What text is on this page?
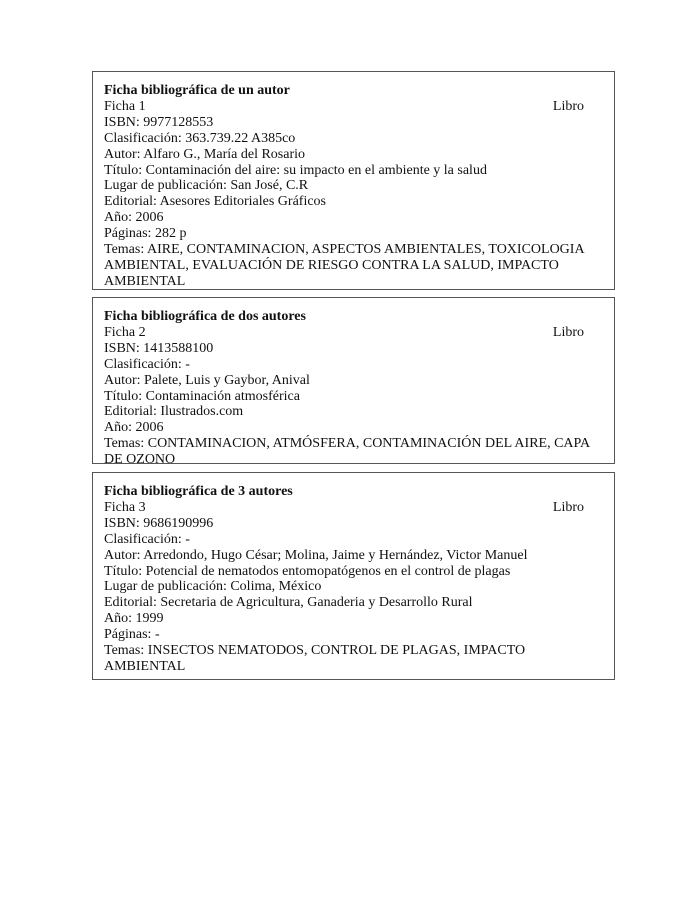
Ficha bibliográfica de un autor
Ficha 1	Libro
ISBN: 9977128553
Clasificación: 363.739.22 A385co
Autor: Alfaro G., María del Rosario
Título: Contaminación del aire: su impacto en el ambiente y la salud
Lugar de publicación: San José, C.R
Editorial: Asesores Editoriales Gráficos
Año: 2006
Páginas: 282 p
Temas: AIRE, CONTAMINACION, ASPECTOS AMBIENTALES, TOXICOLOGIA AMBIENTAL, EVALUACIÓN DE RIESGO CONTRA LA SALUD, IMPACTO AMBIENTAL
Ficha bibliográfica de dos autores
Ficha 2	Libro
ISBN: 1413588100
Clasificación: -
Autor: Palete, Luis y Gaybor, Anival
Título: Contaminación atmosférica
Editorial: Ilustrados.com
Año: 2006
Temas: CONTAMINACION, ATMÓSFERA, CONTAMINACIÓN DEL AIRE, CAPA DE OZONO
Ficha bibliográfica de 3 autores
Ficha 3	Libro
ISBN: 9686190996
Clasificación: -
Autor: Arredondo, Hugo César; Molina, Jaime y Hernández, Victor Manuel
Título: Potencial de nematodos entomopatógenos en el control de plagas
Lugar de publicación: Colima, México
Editorial: Secretaria de Agricultura, Ganaderia y Desarrollo Rural
Año: 1999
Páginas: -
Temas: INSECTOS NEMATODOS, CONTROL DE PLAGAS, IMPACTO AMBIENTAL
